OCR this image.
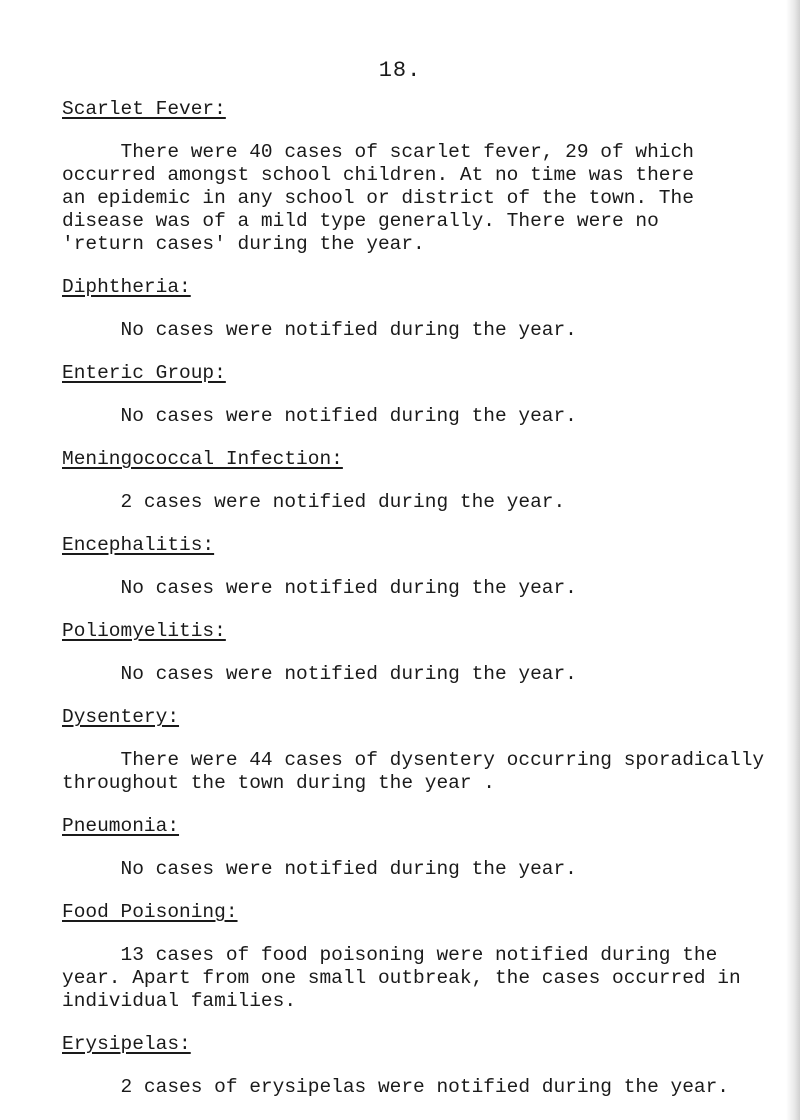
18.
Scarlet Fever:
There were 40 cases of scarlet fever, 29 of which
occurred amongst school children. At no time was there
an epidemic in any school or district of the town. The
disease was of a mild type generally. There were no
'return cases' during the year.
Diphtheria:
No cases were notified during the year.
Enteric Group:
No cases were notified during the year.
Meningococcal Infection:
2 cases were notified during the year.
Encephalitis:
No cases were notified during the year.
Poliomyelitis:
No cases were notified during the year.
Dysentery:
There were 44 cases of dysentery occurring sporadically
throughout the town during the year .
Pneumonia:
No cases were notified during the year.
Food Poisoning:
13 cases of food poisoning were notified during the
year. Apart from one small outbreak, the cases occurred in
individual families.
Erysipelas:
2 cases of erysipelas were notified during the year.
